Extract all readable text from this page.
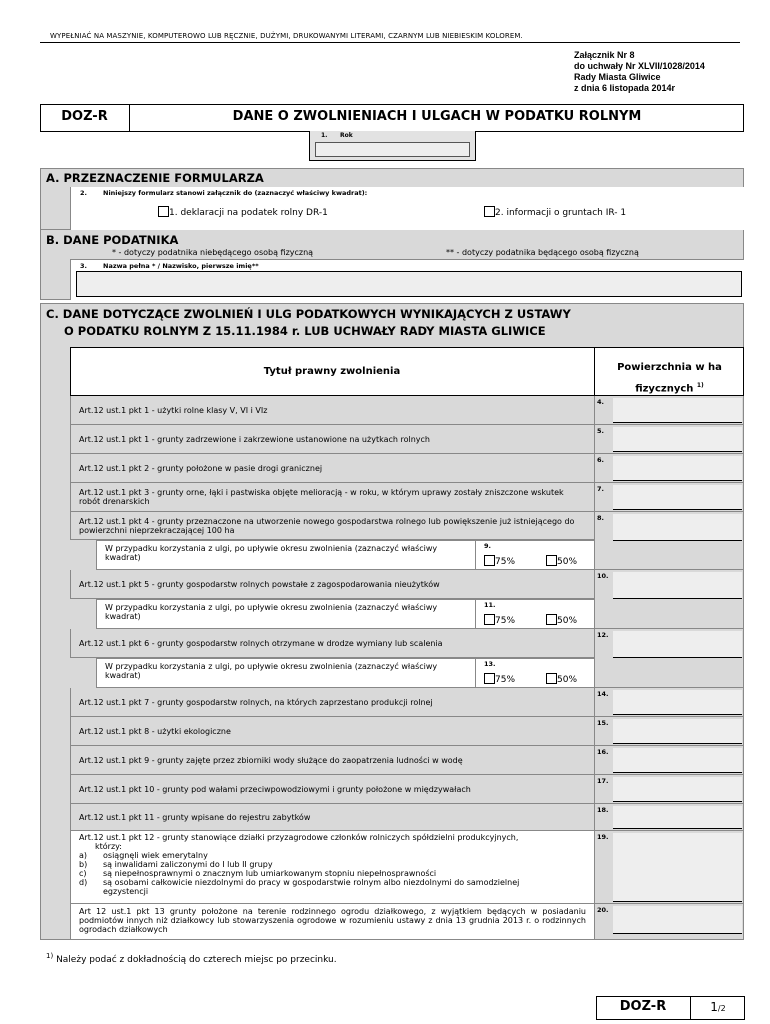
WYPEŁNIAĆ NA MASZYNIE, KOMPUTEROWO LUB RĘCZNIE, DUŻYMI, DRUKOWANYMI LITERAMI, CZARNYM LUB NIEBIESKIM KOLOREM.
Załącznik Nr 8
do uchwały Nr XLVII/1028/2014
Rady Miasta Gliwice
z dnia 6 listopada 2014r
DOZ-R	DANE O ZWOLNIENIACH I ULGACH W PODATKU ROLNYM
1. Rok
A. PRZEZNACZENIE FORMULARZA
2. Niniejszy formularz stanowi załącznik do (zaznaczyć właściwy kwadrat):
1. deklaracji na podatek rolny DR-1	2. informacji o gruntach IR- 1
B. DANE PODATNIKA
* - dotyczy podatnika niebędącego osobą fizyczną	** - dotyczy podatnika będącego osobą fizyczną
3. Nazwa pełna * / Nazwisko, pierwsze imię**
C. DANE DOTYCZĄCE ZWOLNIEŃ I ULG PODATKOWYCH WYNIKAJĄCYCH Z USTAWY
O PODATKU ROLNYM Z 15.11.1984 r. LUB UCHWAŁY RADY MIASTA GLIWICE
Tytuł prawny zwolnienia	Powierzchnia w ha
fizycznych $^{1)}$
Art.12 ust.1 pkt 1 - użytki rolne klasy V, VI i VIz
4.
Art.12 ust.1 pkt 1 - grunty zadrzewione i zakrzewione ustanowione na użytkach rolnych
5.
Art.12 ust.1 pkt 2 - grunty położone w pasie drogi granicznej
6.
Art.12 ust.1 pkt 3 - grunty orne, łąki i pastwiska objęte melioracją - w roku, w którym uprawy zostały zniszczone wskutek robót drenarskich
7.
Art.12 ust.1 pkt 4 - grunty przeznaczone na utworzenie nowego gospodarstwa rolnego lub powiększenie już istniejącego do powierzchni nieprzekraczającej 100 ha
8.
W przypadku korzystania z ulgi, po upływie okresu zwolnienia (zaznaczyć właściwy kwadrat)
9.
75%	50%
Art.12 ust.1 pkt 5 - grunty gospodarstw rolnych powstałe z zagospodarowania nieużytków
10.
W przypadku korzystania z ulgi, po upływie okresu zwolnienia (zaznaczyć właściwy kwadrat)
11.
75%	50%
Art.12 ust.1 pkt 6 - grunty gospodarstw rolnych otrzymane w drodze wymiany lub scalenia
12.
W przypadku korzystania z ulgi, po upływie okresu zwolnienia (zaznaczyć właściwy kwadrat)
13.
75%	50%
Art.12 ust.1 pkt 7 - grunty gospodarstw rolnych, na których zaprzestano produkcji rolnej
14.
Art.12 ust.1 pkt 8 - użytki ekologiczne
15.
Art.12 ust.1 pkt 9 - grunty zajęte przez zbiorniki wody służące do zaopatrzenia ludności w wodę
16.
Art.12 ust.1 pkt 10 - grunty pod wałami przeciwpowodziowymi i grunty położone w międzywałach
17.
Art.12 ust.1 pkt 11 - grunty wpisane do rejestru zabytków
18.
Art.12 ust.1 pkt 12 - grunty stanowiące działki przyzagrodowe członków rolniczych spółdzielni produkcyjnych,
którzy:
a)	osiągnęli wiek emerytalny
b)	są inwalidami zaliczonymi do I lub II grupy
c)	są niepełnosprawnymi o znacznym lub umiarkowanym stopniu niepełnosprawności
d)	są osobami całkowicie niezdolnymi do pracy w gospodarstwie rolnym albo niezdolnymi do samodzielnej
egzystencji
19.
Art 12 ust.1 pkt 13 grunty położone na terenie rodzinnego ogrodu działkowego, z wyjątkiem będących w posiadaniu podmiotów innych niż działkowcy lub stowarzyszenia ogrodowe w rozumieniu ustawy z dnia 13 grudnia 2013 r. o rodzinnych ogrodach działkowych
20.
$^{1)}$ Należy podać z dokładnością do czterech miejsc po przecinku.
DOZ-R	1/2
